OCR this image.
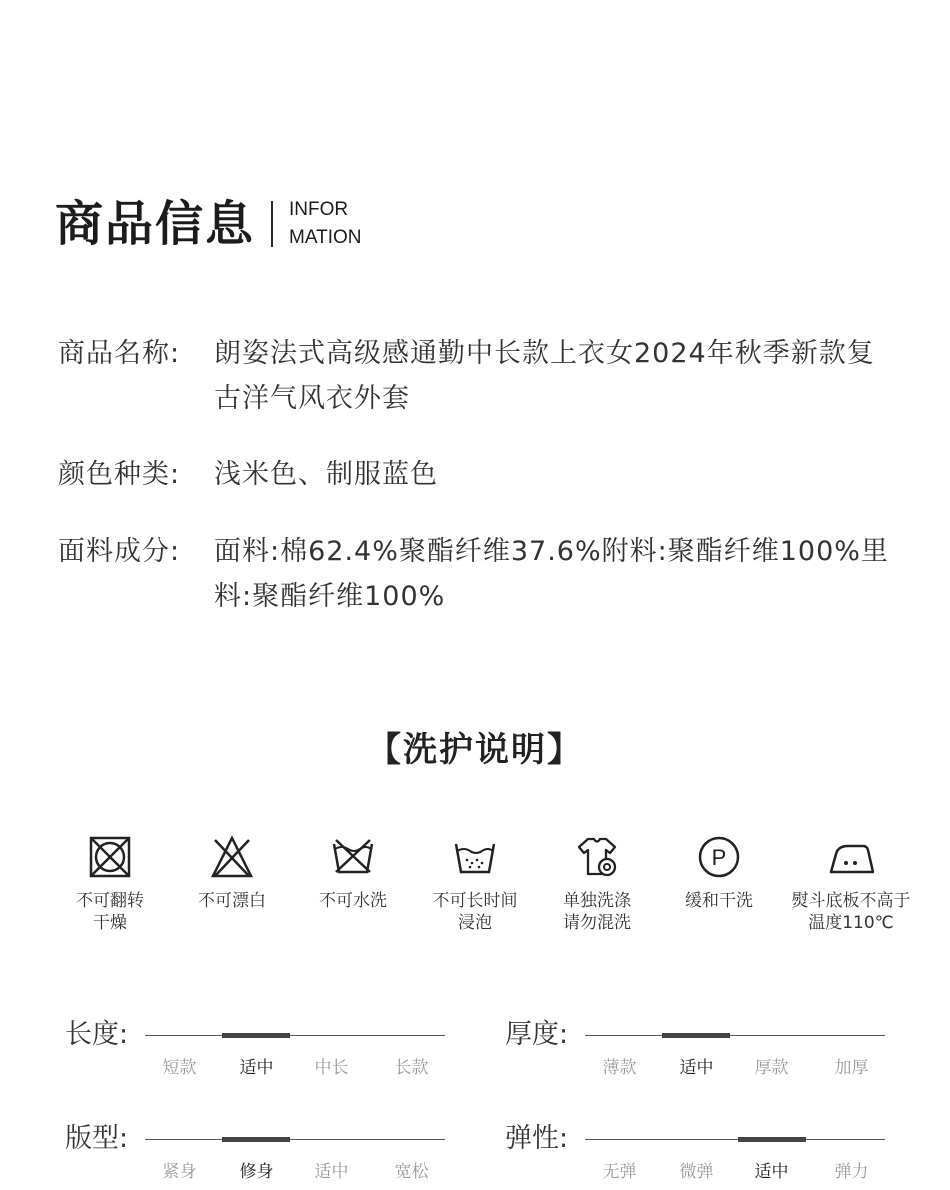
商品信息 INFOR
MATION
商品名称:	朗姿法式高级感通勤中长款上衣女2024年秋季新款复古洋气风衣外套
颜色种类:	浅米色、制服蓝色
面料成分:	面料:棉62.4%聚酯纤维37.6%附料:聚酯纤维100%里料:聚酯纤维100%
【洗护说明】
不可翻转
干燥
不可漂白	不可水洗	不可长时间
浸泡
单独洗涤
请勿混洗
P
缓和干洗	熨斗底板不高于
温度110℃
长度:
短款	适中	中长	长款
厚度:
薄款	适中	厚款	加厚
版型:
紧身	修身	适中	宽松
弹性:
无弹	微弹	适中	弹力
